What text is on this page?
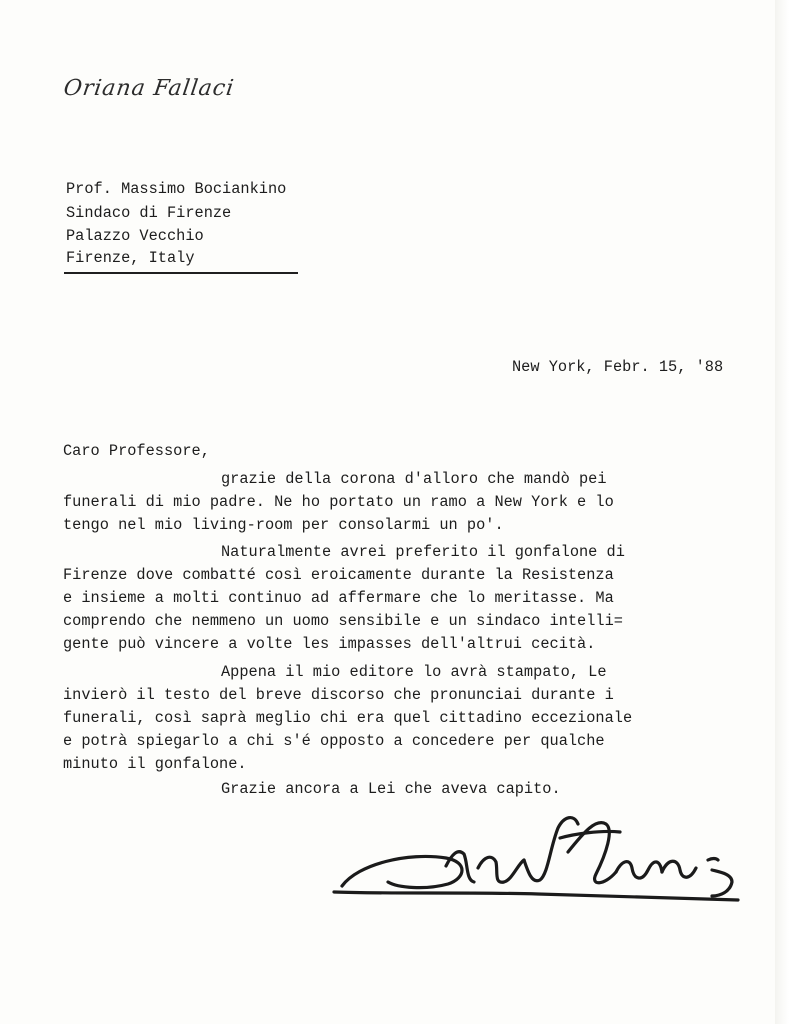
Oriana Fallaci
Prof. Massimo Bociankino
Sindaco di Firenze
Palazzo Vecchio
Firenze, Italy
New York, Febr. 15, '88
Caro Professore,
grazie della corona d'alloro che mandò pei
funerali di mio padre. Ne ho portato un ramo a New York e lo
tengo nel mio living-room per consolarmi un po'.
Naturalmente avrei preferito il gonfalone di
Firenze dove combatté così eroicamente durante la Resistenza
e insieme a molti continuo ad affermare che lo meritasse. Ma
comprendo che nemmeno un uomo sensibile e un sindaco intelli=
gente può vincere a volte les impasses dell'altrui cecità.
Appena il mio editore lo avrà stampato, Le
invierò il testo del breve discorso che pronunciai durante i
funerali, così saprà meglio chi era quel cittadino eccezionale
e potrà spiegarlo a chi s'é opposto a concedere per qualche
minuto il gonfalone.
Grazie ancora a Lei che aveva capito.
